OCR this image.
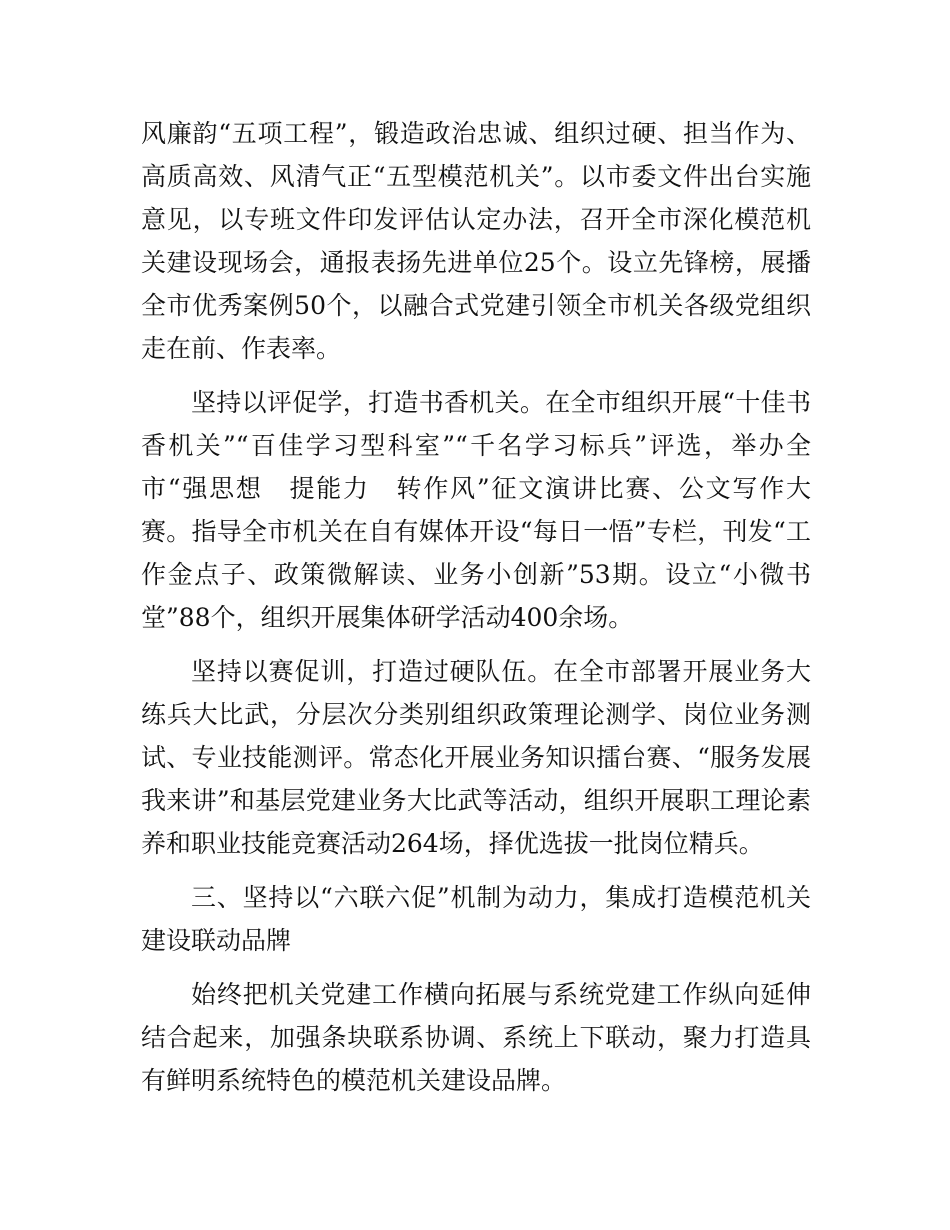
风廉韵“五项工程”，锻造政治忠诚、组织过硬、担当作为、高质高效、风清气正“五型模范机关”。以市委文件出台实施意见，以专班文件印发评估认定办法，召开全市深化模范机关建设现场会，通报表扬先进单位25个。设立先锋榜，展播全市优秀案例50个，以融合式党建引领全市机关各级党组织走在前、作表率。

坚持以评促学，打造书香机关。在全市组织开展“十佳书香机关”“百佳学习型科室”“千名学习标兵”评选，举办全市“强思想　提能力　转作风”征文演讲比赛、公文写作大赛。指导全市机关在自有媒体开设“每日一悟”专栏，刊发“工作金点子、政策微解读、业务小创新”53期。设立“小微书堂”88个，组织开展集体研学活动400余场。

坚持以赛促训，打造过硬队伍。在全市部署开展业务大练兵大比武，分层次分类别组织政策理论测学、岗位业务测试、专业技能测评。常态化开展业务知识擂台赛、“服务发展我来讲”和基层党建业务大比武等活动，组织开展职工理论素养和职业技能竞赛活动264场，择优选拔一批岗位精兵。

三、坚持以“六联六促”机制为动力，集成打造模范机关建设联动品牌

始终把机关党建工作横向拓展与系统党建工作纵向延伸结合起来，加强条块联系协调、系统上下联动，聚力打造具有鲜明系统特色的模范机关建设品牌。
